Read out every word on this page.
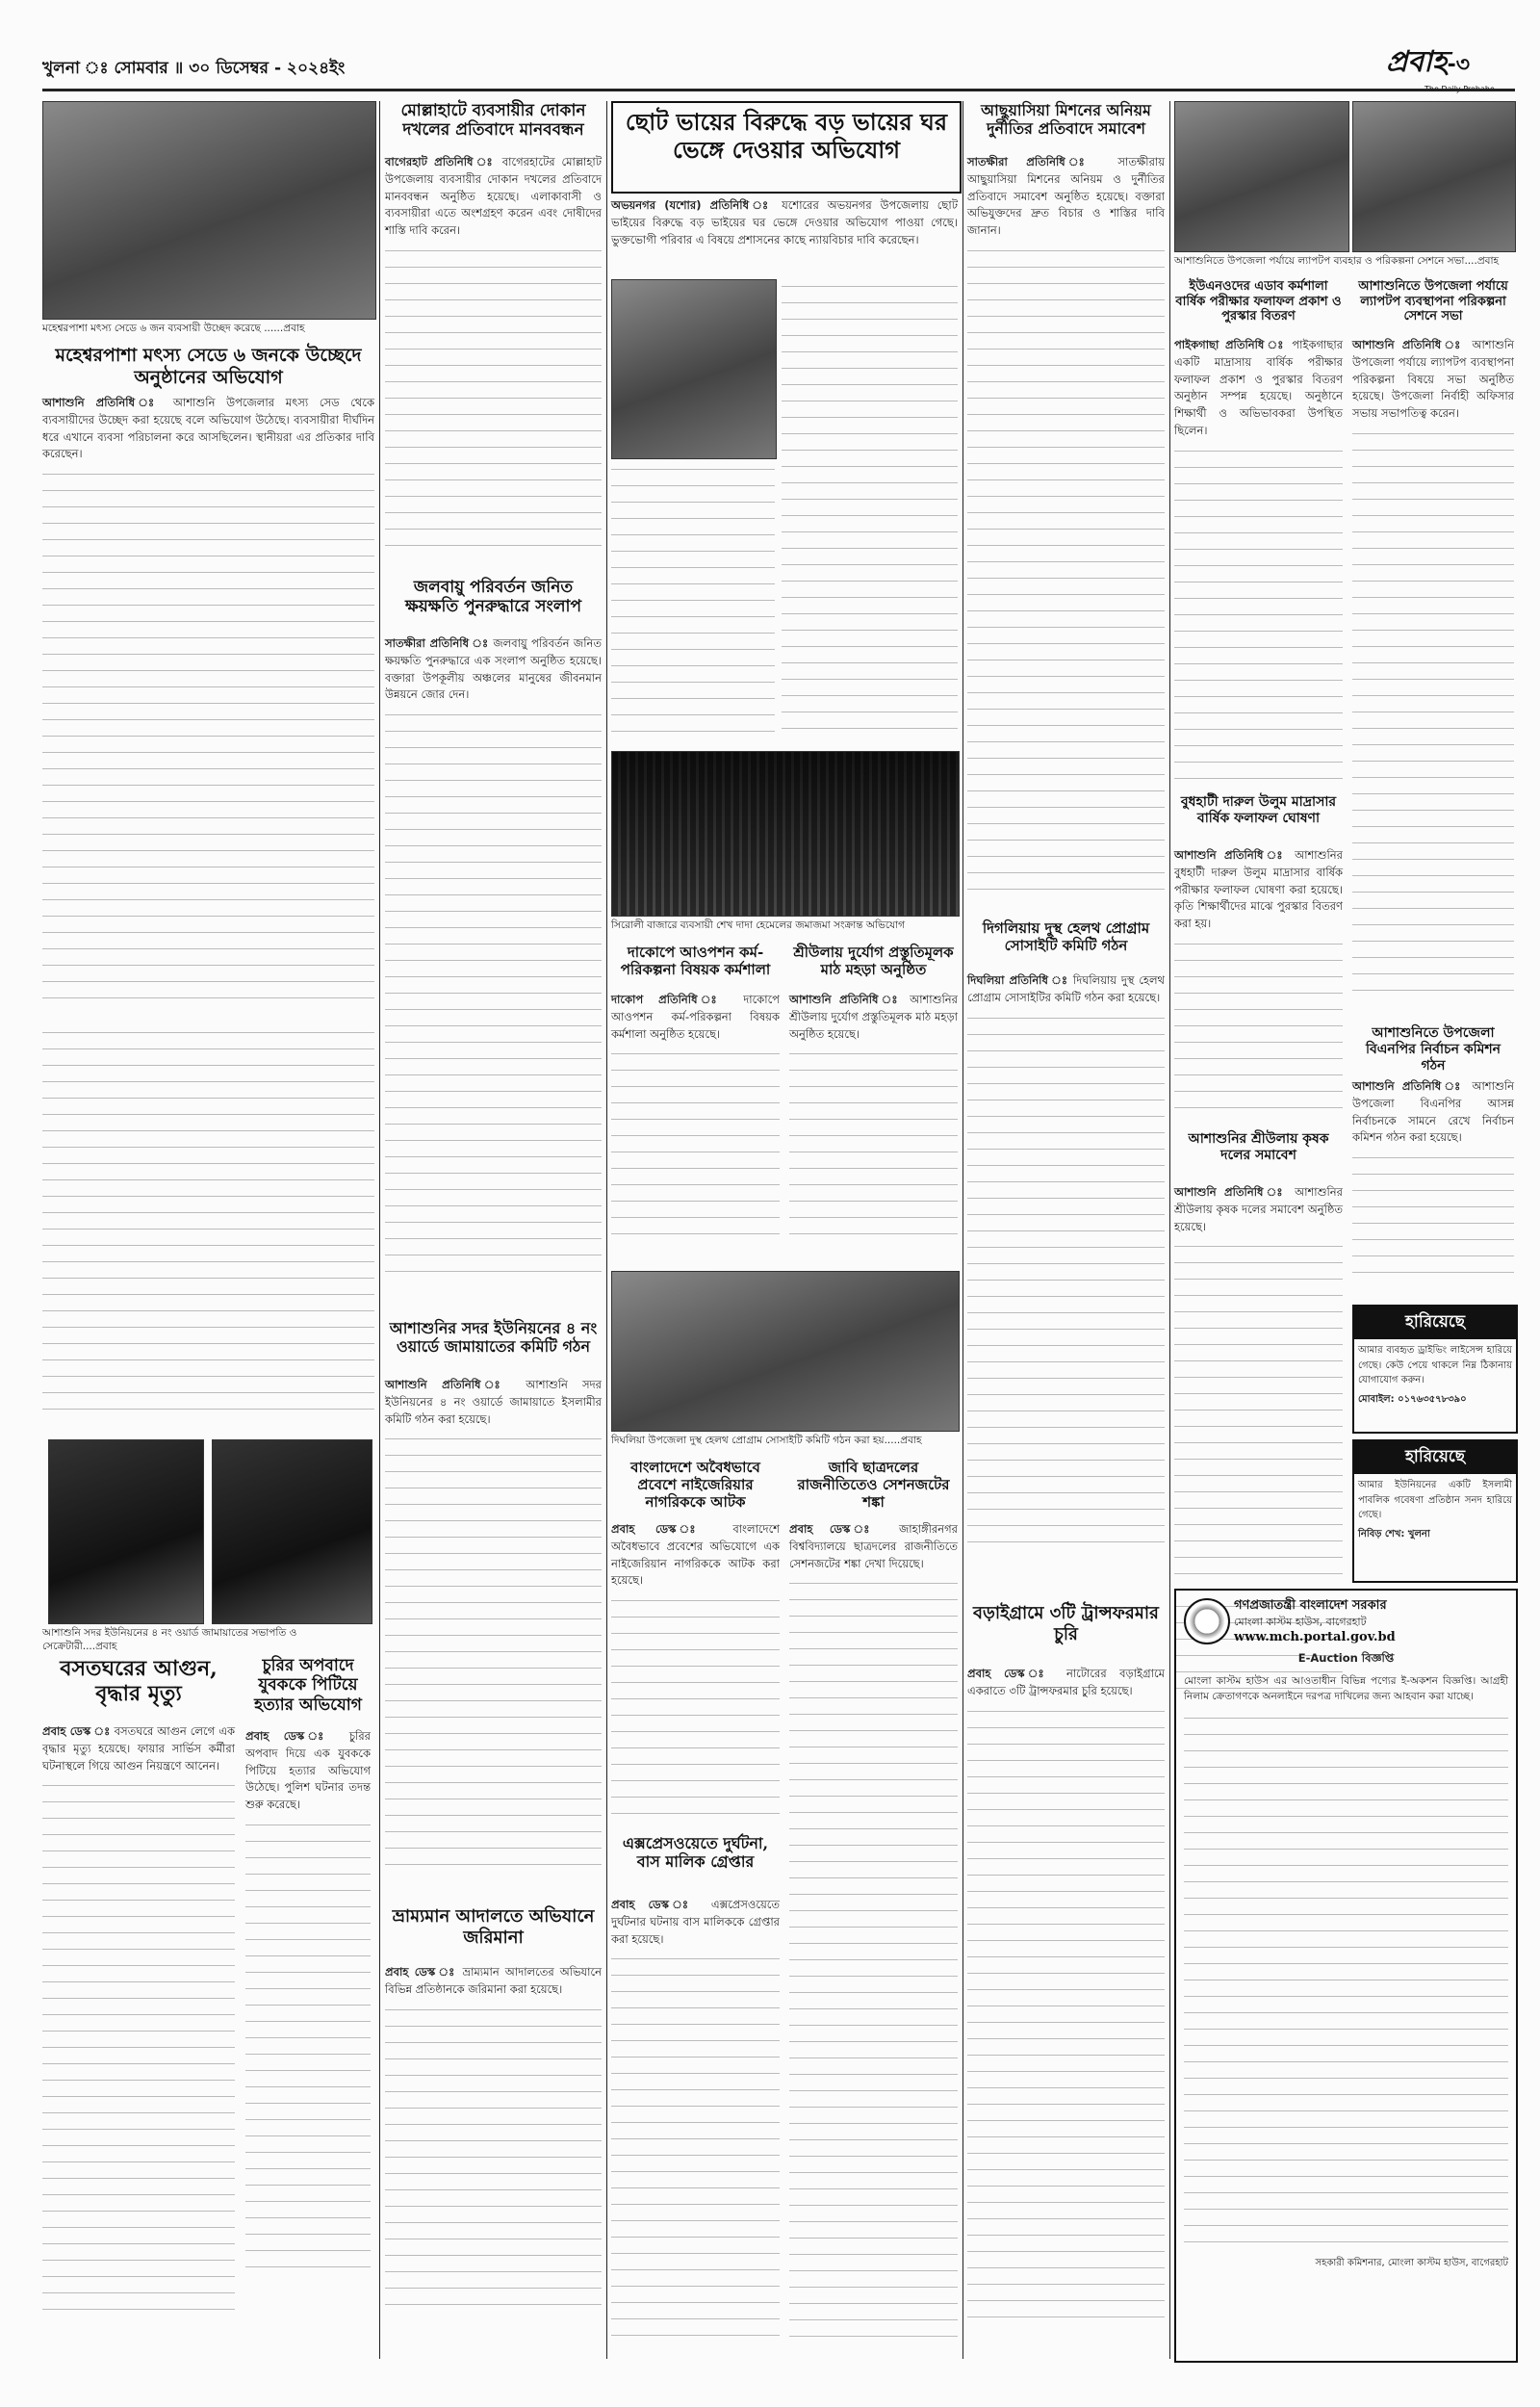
খুলনা ঃ সোমবার ॥ ৩০ ডিসেম্বর - ২০২৪ইং	প্রবাহ-৩
মহেশ্বরপাশা মৎস্য সেডে ৬ জন ব্যবসায়ী উচ্ছেদ করেছে ......প্রবাহ
মহেশ্বরপাশা মৎস্য সেডে ৬ জনকে উচ্ছেদে অনুষ্ঠানের অভিযোগ
আশাশুনি প্রতিনিধি ঃ আশাশুনি উপজেলার মৎস্য সেড থেকে ব্যবসায়ীদের উচ্ছেদ করা হয়েছে বলে অভিযোগ উঠেছে। ব্যবসায়ীরা দীর্ঘদিন ধরে এখানে ব্যবসা পরিচালনা করে আসছিলেন। স্থানীয়রা এর প্রতিকার দাবি করেছেন।
আশাশুনি সদর ইউনিয়নের ৪ নং ওয়ার্ড জামায়াতের সভাপতি ও সেক্রেটারী....প্রবাহ
বসতঘরের আগুন, বৃদ্ধার মৃত্যু
প্রবাহ ডেস্ক ঃ বসতঘরে আগুন লেগে এক বৃদ্ধার মৃত্যু হয়েছে। ফায়ার সার্ভিস কর্মীরা ঘটনাস্থলে গিয়ে আগুন নিয়ন্ত্রণে আনেন।
চুরির অপবাদে যুবককে পিটিয়ে হত্যার অভিযোগ
প্রবাহ ডেস্ক ঃ চুরির অপবাদ দিয়ে এক যুবককে পিটিয়ে হত্যার অভিযোগ উঠেছে। পুলিশ ঘটনার তদন্ত শুরু করেছে।
মোল্লাহাটে ব্যবসায়ীর দোকান দখলের প্রতিবাদে মানববন্ধন
বাগেরহাট প্রতিনিধি ঃ বাগেরহাটের মোল্লাহাট উপজেলায় ব্যবসায়ীর দোকান দখলের প্রতিবাদে মানববন্ধন অনুষ্ঠিত হয়েছে। এলাকাবাসী ও ব্যবসায়ীরা এতে অংশগ্রহণ করেন এবং দোষীদের শাস্তি দাবি করেন।
জলবায়ু পরিবর্তন জনিত ক্ষয়ক্ষতি পুনরুদ্ধারে সংলাপ
সাতক্ষীরা প্রতিনিধি ঃ জলবায়ু পরিবর্তন জনিত ক্ষয়ক্ষতি পুনরুদ্ধারে এক সংলাপ অনুষ্ঠিত হয়েছে। বক্তারা উপকূলীয় অঞ্চলের মানুষের জীবনমান উন্নয়নে জোর দেন।
আশাশুনির সদর ইউনিয়নের ৪ নং ওয়ার্ডে জামায়াতের কমিটি গঠন
আশাশুনি প্রতিনিধি ঃ আশাশুনি সদর ইউনিয়নের ৪ নং ওয়ার্ডে জামায়াতে ইসলামীর কমিটি গঠন করা হয়েছে।
ভ্রাম্যমান আদালতে অভিযানে জরিমানা
প্রবাহ ডেস্ক ঃ ভ্রাম্যমান আদালতের অভিযানে বিভিন্ন প্রতিষ্ঠানকে জরিমানা করা হয়েছে।
ছোট ভায়ের বিরুদ্ধে বড় ভায়ের ঘর ভেঙ্গে দেওয়ার অভিযোগ
অভয়নগর (যশোর) প্রতিনিধি ঃ যশোরের অভয়নগর উপজেলায় ছোট ভাইয়ের বিরুদ্ধে বড় ভাইয়ের ঘর ভেঙ্গে দেওয়ার অভিযোগ পাওয়া গেছে। ভুক্তভোগী পরিবার এ বিষয়ে প্রশাসনের কাছে ন্যায়বিচার দাবি করেছেন।
সিরোলী বাজারে ব্যবসায়ী শেখ দাদা হেমেলের জমাজমা সংক্রান্ত অভিযোগ
দাকোপে আওপশন কর্ম-পরিকল্পনা বিষয়ক কর্মশালা
দাকোপ প্রতিনিধি ঃ দাকোপে আওপশন কর্ম-পরিকল্পনা বিষয়ক কর্মশালা অনুষ্ঠিত হয়েছে।
শ্রীউলায় দুর্যোগ প্রস্তুতিমূলক মাঠ মহড়া অনুষ্ঠিত
আশাশুনি প্রতিনিধি ঃ আশাশুনির শ্রীউলায় দুর্যোগ প্রস্তুতিমূলক মাঠ মহড়া অনুষ্ঠিত হয়েছে।
দিঘলিয়া উপজেলা দুস্থ হেলথ প্রোগ্রাম সোসাইটি কমিটি গঠন করা হয়.....প্রবাহ
বাংলাদেশে অবৈধভাবে প্রবেশে নাইজেরিয়ার নাগরিককে আটক
প্রবাহ ডেস্ক ঃ বাংলাদেশে অবৈধভাবে প্রবেশের অভিযোগে এক নাইজেরিয়ান নাগরিককে আটক করা হয়েছে।
জাবি ছাত্রদলের রাজনীতিতেও সেশনজটের শঙ্কা
প্রবাহ ডেস্ক ঃ জাহাঙ্গীরনগর বিশ্ববিদ্যালয়ে ছাত্রদলের রাজনীতিতে সেশনজটের শঙ্কা দেখা দিয়েছে।
এক্সপ্রেসওয়েতে দুর্ঘটনা, বাস মালিক গ্রেপ্তার
প্রবাহ ডেস্ক ঃ এক্সপ্রেসওয়েতে দুর্ঘটনার ঘটনায় বাস মালিককে গ্রেপ্তার করা হয়েছে।
আছুয়াসিয়া মিশনের অনিয়ম দুর্নীতির প্রতিবাদে সমাবেশ
সাতক্ষীরা প্রতিনিধি ঃ সাতক্ষীরায় আছুয়াসিয়া মিশনের অনিয়ম ও দুর্নীতির প্রতিবাদে সমাবেশ অনুষ্ঠিত হয়েছে। বক্তারা অভিযুক্তদের দ্রুত বিচার ও শাস্তির দাবি জানান।
দিগলিয়ায় দুস্থ হেলথ প্রোগ্রাম সোসাইটি কমিটি গঠন
দিঘলিয়া প্রতিনিধি ঃ দিঘলিয়ায় দুস্থ হেলথ প্রোগ্রাম সোসাইটির কমিটি গঠন করা হয়েছে।
বড়াইগ্রামে ৩টি ট্রান্সফরমার চুরি
প্রবাহ ডেস্ক ঃ নাটোরের বড়াইগ্রামে একরাতে ৩টি ট্রান্সফরমার চুরি হয়েছে।
আশাশুনিতে উপজেলা পর্যায়ে ল্যাপটপ ব্যবহার ও পরিকল্পনা সেশনে সভা....প্রবাহ
ইউএনওদের এডাব কর্মশালা বার্ষিক পরীক্ষার ফলাফল প্রকাশ ও পুরস্কার বিতরণ
পাইকগাছা প্রতিনিধি ঃ পাইকগাছার একটি মাদ্রাসায় বার্ষিক পরীক্ষার ফলাফল প্রকাশ ও পুরস্কার বিতরণ অনুষ্ঠান সম্পন্ন হয়েছে। অনুষ্ঠানে শিক্ষার্থী ও অভিভাবকরা উপস্থিত ছিলেন।
আশাশুনিতে উপজেলা পর্যায়ে ল্যাপটপ ব্যবস্থাপনা পরিকল্পনা সেশনে সভা
আশাশুনি প্রতিনিধি ঃ আশাশুনি উপজেলা পর্যায়ে ল্যাপটপ ব্যবস্থাপনা পরিকল্পনা বিষয়ে সভা অনুষ্ঠিত হয়েছে। উপজেলা নির্বাহী অফিসার সভায় সভাপতিত্ব করেন।
বুধহাটী দারুল উলুম মাদ্রাসার বার্ষিক ফলাফল ঘোষণা
আশাশুনি প্রতিনিধি ঃ আশাশুনির বুধহাটী দারুল উলুম মাদ্রাসার বার্ষিক পরীক্ষার ফলাফল ঘোষণা করা হয়েছে। কৃতি শিক্ষার্থীদের মাঝে পুরস্কার বিতরণ করা হয়।
আশাশুনিতে উপজেলা বিএনপির নির্বাচন কমিশন গঠন
আশাশুনি প্রতিনিধি ঃ আশাশুনি উপজেলা বিএনপির আসন্ন নির্বাচনকে সামনে রেখে নির্বাচন কমিশন গঠন করা হয়েছে।
আশাশুনির শ্রীউলায় কৃষক দলের সমাবেশ
আশাশুনি প্রতিনিধি ঃ আশাশুনির শ্রীউলায় কৃষক দলের সমাবেশ অনুষ্ঠিত হয়েছে।
হারিয়েছে
আমার ব্যবহৃত ড্রাইভিং লাইসেন্স হারিয়ে গেছে। কেউ পেয়ে থাকলে নিম্ন ঠিকানায় যোগাযোগ করুন।
মোবাইল: ০১৭৬৩৫৭৮৩৯০
হারিয়েছে
আমার ইউনিয়নের একটি ইসলামী পাবলিক গবেষণা প্রতিষ্ঠান সনদ হারিয়ে গেছে।
নিবিড় শেখ: খুলনা
গণপ্রজাতন্ত্রী বাংলাদেশ সরকার
মোংলা কাস্টম হাউস, বাগেরহাট
www.mch.portal.gov.bd
E-Auction বিজ্ঞপ্তি
মোংলা কাস্টম হাউস এর আওতাধীন বিভিন্ন পণ্যের ই-অকশন বিজ্ঞপ্তি। আগ্রহী নিলাম ক্রেতাগণকে অনলাইনে দরপত্র দাখিলের জন্য আহবান করা যাচ্ছে।
সহকারী কমিশনার, মোংলা কাস্টম হাউস, বাগেরহাট
